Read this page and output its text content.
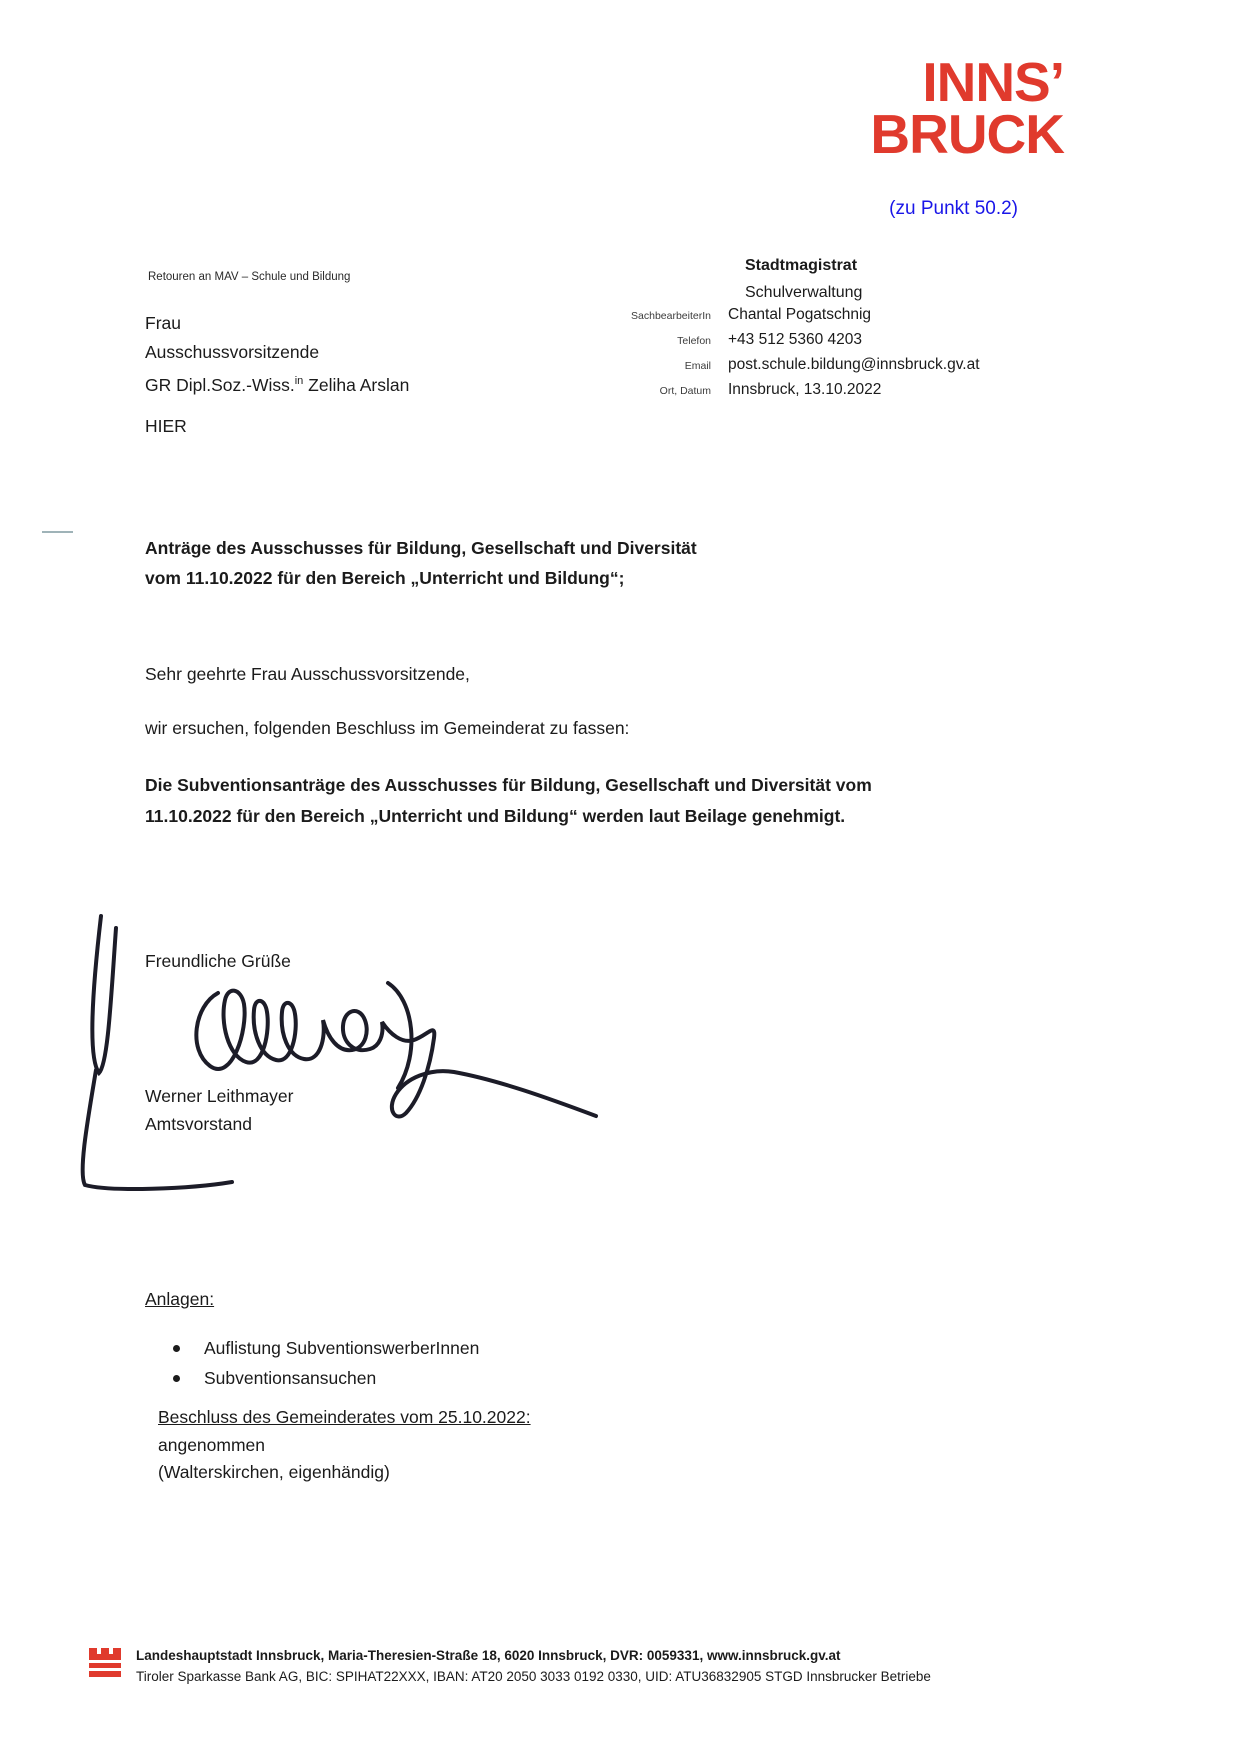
INNS’
BRUCK
(zu Punkt 50.2)
Retouren an MAV – Schule und Bildung
Frau
Ausschussvorsitzende
GR Dipl.Soz.-Wiss.$^{in}$ Zeliha Arslan
HIER
Stadtmagistrat
Schulverwaltung
SachbearbeiterIn	Chantal Pogatschnig
Telefon	+43 512 5360 4203
Email	post.schule.bildung@innsbruck.gv.at
Ort, Datum	Innsbruck, 13.10.2022
Anträge des Ausschusses für Bildung, Gesellschaft und Diversität
vom 11.10.2022 für den Bereich „Unterricht und Bildung“;
Sehr geehrte Frau Ausschussvorsitzende,
wir ersuchen, folgenden Beschluss im Gemeinderat zu fassen:
Die Subventionsanträge des Ausschusses für Bildung, Gesellschaft und Diversität vom
11.10.2022 für den Bereich „Unterricht und Bildung“ werden laut Beilage genehmigt.
Freundliche Grüße
Werner Leithmayer
Amtsvorstand
Anlagen:
Auflistung SubventionswerberInnen
Subventionsansuchen
Beschluss des Gemeinderates vom 25.10.2022:
angenommen
(Walterskirchen, eigenhändig)
Landeshauptstadt Innsbruck, Maria-Theresien-Straße 18, 6020 Innsbruck, DVR: 0059331, www.innsbruck.gv.at
Tiroler Sparkasse Bank AG, BIC: SPIHAT22XXX, IBAN: AT20 2050 3033 0192 0330, UID: ATU36832905 STGD Innsbrucker Betriebe
